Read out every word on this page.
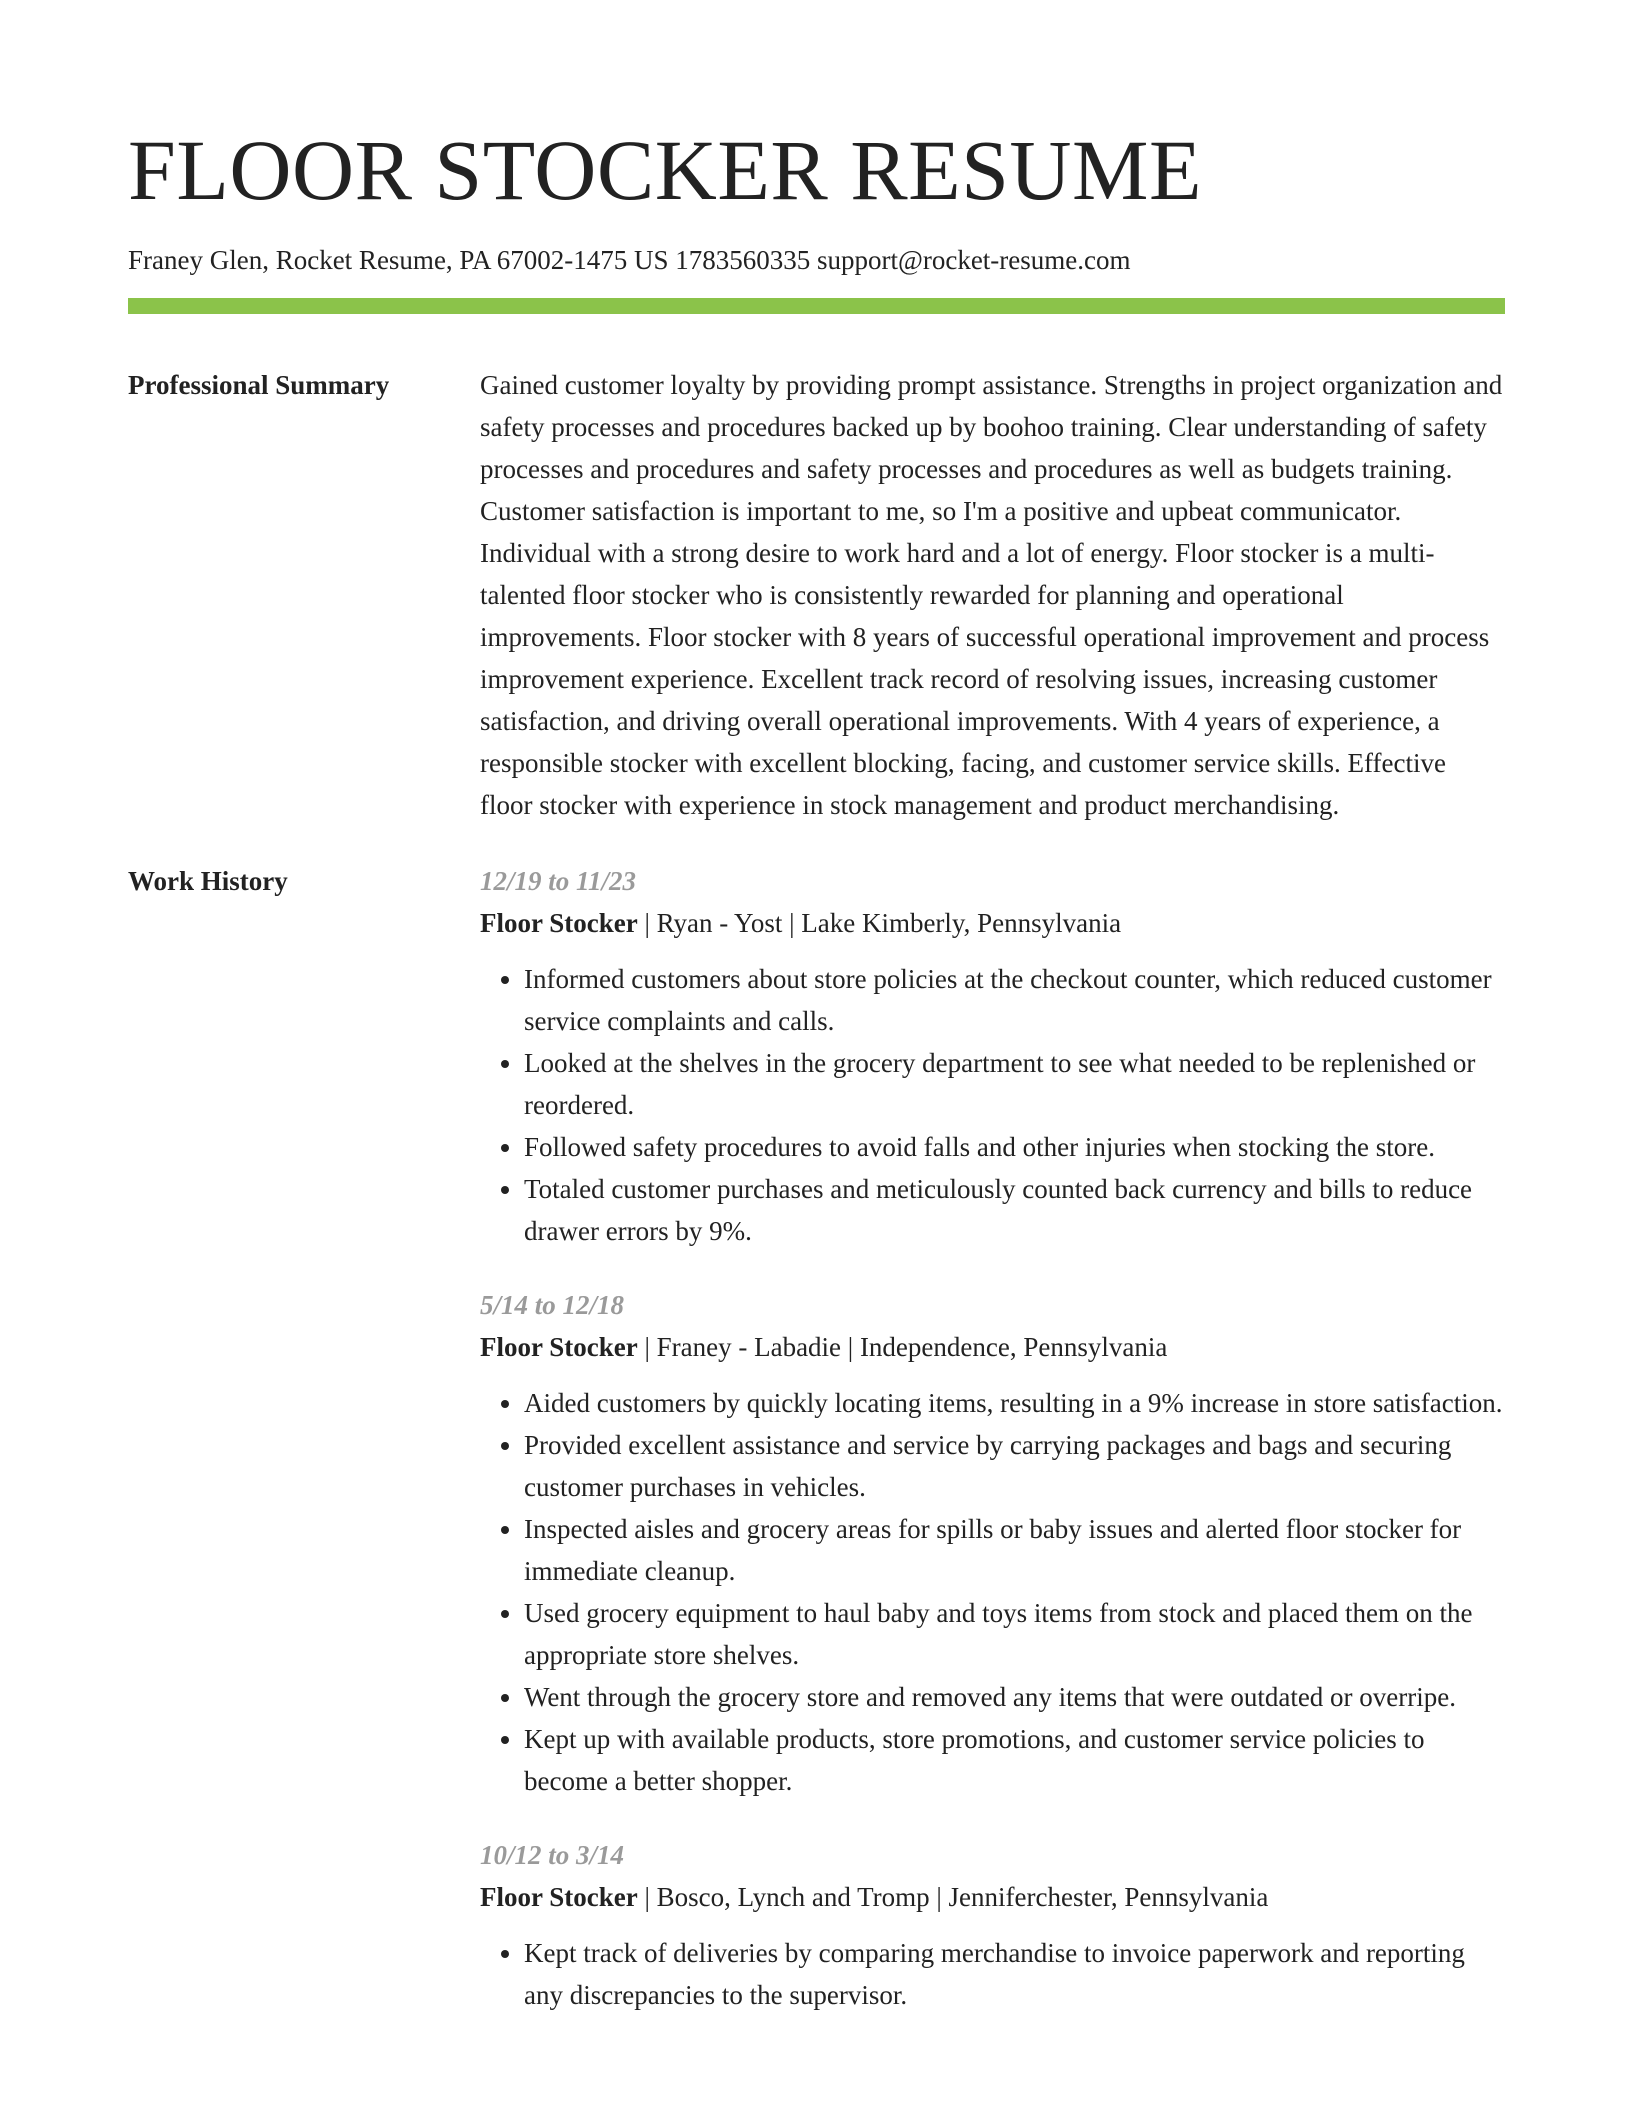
FLOOR STOCKER RESUME
Franey Glen, Rocket Resume, PA 67002-1475 US 1783560335 support@rocket-resume.com
Professional Summary	Gained customer loyalty by providing prompt assistance. Strengths in project organization and safety processes and procedures backed up by boohoo training. Clear understanding of safety processes and procedures and safety processes and procedures as well as budgets training. Customer satisfaction is important to me, so I'm a positive and upbeat communicator. Individual with a strong desire to work hard and a lot of energy. Floor stocker is a multi-talented floor stocker who is consistently rewarded for planning and operational improvements. Floor stocker with 8 years of successful operational improvement and process improvement experience. Excellent track record of resolving issues, increasing customer satisfaction, and driving overall operational improvements. With 4 years of experience, a responsible stocker with excellent blocking, facing, and customer service skills. Effective floor stocker with experience in stock management and product merchandising.
Work History	12/19 to 11/23
Floor Stocker | Ryan - Yost | Lake Kimberly, Pennsylvania
• Informed customers about store policies at the checkout counter, which reduced customer service complaints and calls.
• Looked at the shelves in the grocery department to see what needed to be replenished or reordered.
• Followed safety procedures to avoid falls and other injuries when stocking the store.
• Totaled customer purchases and meticulously counted back currency and bills to reduce drawer errors by 9%.
5/14 to 12/18
Floor Stocker | Franey - Labadie | Independence, Pennsylvania
• Aided customers by quickly locating items, resulting in a 9% increase in store satisfaction.
• Provided excellent assistance and service by carrying packages and bags and securing customer purchases in vehicles.
• Inspected aisles and grocery areas for spills or baby issues and alerted floor stocker for immediate cleanup.
• Used grocery equipment to haul baby and toys items from stock and placed them on the appropriate store shelves.
• Went through the grocery store and removed any items that were outdated or overripe.
• Kept up with available products, store promotions, and customer service policies to become a better shopper.
10/12 to 3/14
Floor Stocker | Bosco, Lynch and Tromp | Jenniferchester, Pennsylvania
• Kept track of deliveries by comparing merchandise to invoice paperwork and reporting any discrepancies to the supervisor.
